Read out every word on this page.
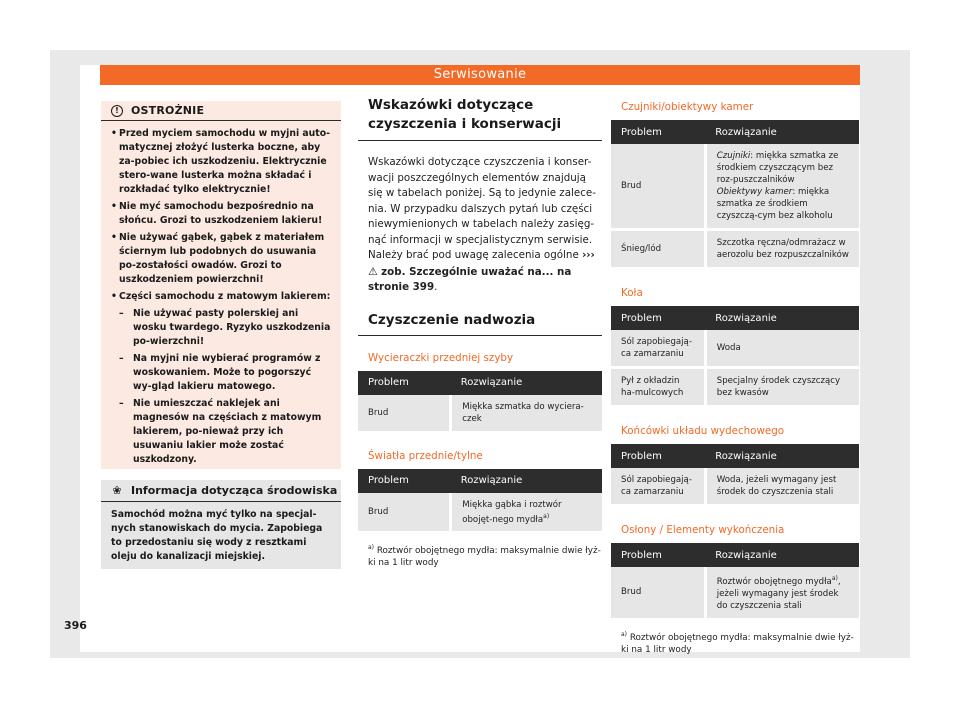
Serwisowanie
!	OSTROŻNIE
• Przed myciem samochodu w myjni auto-matycznej złożyć lusterka boczne, aby za-pobiec ich uszkodzeniu. Elektrycznie stero-wane lusterka można składać i rozkładać tylko elektrycznie!
• Nie myć samochodu bezpośrednio na słońcu. Grozi to uszkodzeniem lakieru!
• Nie używać gąbek, gąbek z materiałem ściernym lub podobnych do usuwania po-zostałości owadów. Grozi to uszkodzeniem powierzchni!
• Części samochodu z matowym lakierem:
– Nie używać pasty polerskiej ani wosku twardego. Ryzyko uszkodzenia po-wierzchni!
– Na myjni nie wybierać programów z woskowaniem. Może to pogorszyć wy-gląd lakieru matowego.
– Nie umieszczać naklejek ani magnesów na częściach z matowym lakierem, po-nieważ przy ich usuwaniu lakier może zostać uszkodzony.
❀ Informacja dotycząca środowiska
Samochód można myć tylko na specjal-nych stanowiskach do mycia. Zapobiega to przedostaniu się wody z resztkami oleju do kanalizacji miejskiej.
Wskazówki dotyczące czyszczenia i konserwacji
Wskazówki dotyczące czyszczenia i konser-wacji poszczególnych elementów znajdują się w tabelach poniżej. Są to jedynie zalece-nia. W przypadku dalszych pytań lub części niewymienionych w tabelach należy zasięg-nąć informacji w specjalistycznym serwisie. Należy brać pod uwagę zalecenia ogólne ››› ⚠ zob. Szczególnie uważać na... na stronie 399.
Czyszczenie nadwozia
Wycieraczki przedniej szyby
Problem	Rozwiązanie
Brud	Miękka szmatka do wyciera-czek
Światła przednie/tylne
Problem	Rozwiązanie
Brud	Miękka gąbka i roztwór obojęt-nego mydła$^{a)}$
$^{a)}$ Roztwór obojętnego mydła: maksymalnie dwie łyż-ki na 1 litr wody
Czujniki/obiektywy kamer
Problem	Rozwiązanie
Brud	Czujniki: miękka szmatka ze środkiem czyszczącym bez roz-puszczalników
Obiektywy kamer: miękka szmatka ze środkiem czyszczą-cym bez alkoholu
Śnieg/lód	Szczotka ręczna/odmrażacz w aerozolu bez rozpuszczalników
Koła
Problem	Rozwiązanie
Sól zapobiegają-ca zamarzaniu	Woda
Pył z okładzin ha-mulcowych	Specjalny środek czyszczący bez kwasów
Końcówki układu wydechowego
Problem	Rozwiązanie
Sól zapobiegają-ca zamarzaniu	Woda, jeżeli wymagany jest środek do czyszczenia stali
Osłony / Elementy wykończenia
Problem	Rozwiązanie
Brud	Roztwór obojętnego mydła$^{a)}$, jeżeli wymagany jest środek do czyszczenia stali
$^{a)}$ Roztwór obojętnego mydła: maksymalnie dwie łyż-ki na 1 litr wody
396
